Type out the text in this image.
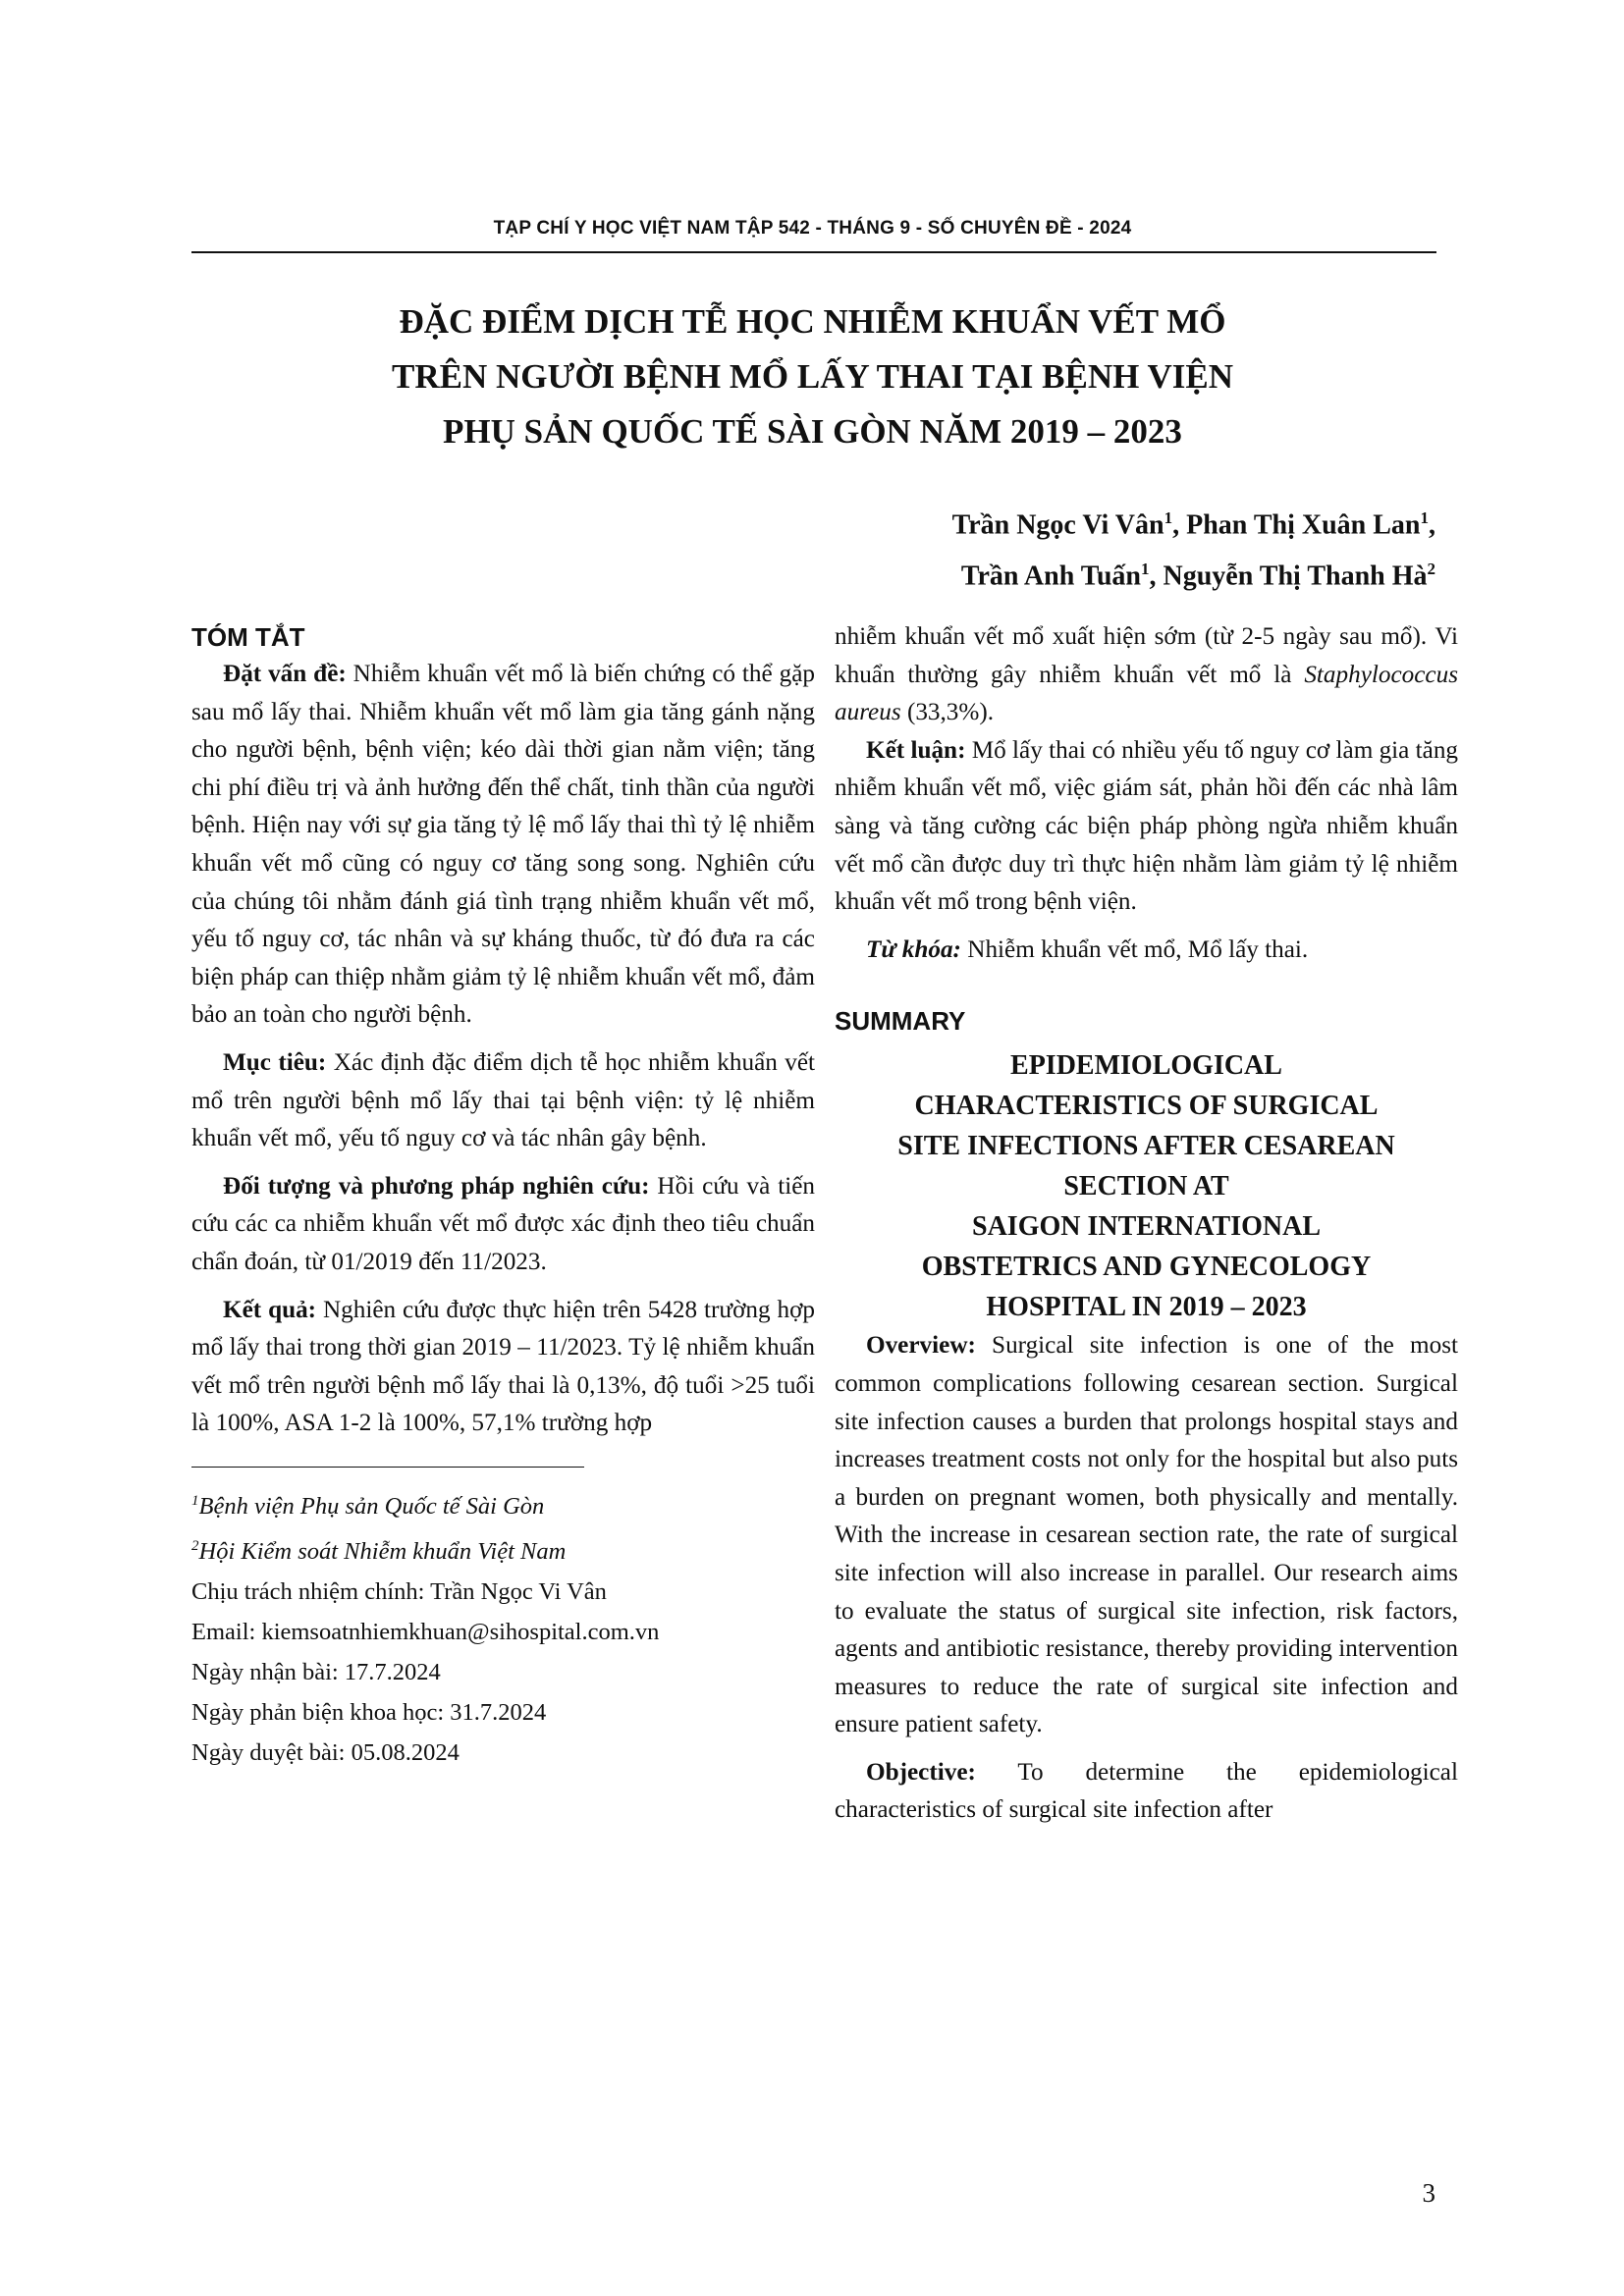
TẠP CHÍ Y HỌC VIỆT NAM TẬP 542 - THÁNG 9 - SỐ CHUYÊN ĐỀ - 2024
ĐẶC ĐIỂM DỊCH TỄ HỌC NHIỄM KHUẨN VẾT MỔ
TRÊN NGƯỜI BỆNH MỔ LẤY THAI TẠI BỆNH VIỆN
PHỤ SẢN QUỐC TẾ SÀI GÒN NĂM 2019 – 2023
Trần Ngọc Vi Vân$^1$, Phan Thị Xuân Lan$^1$,
Trần Anh Tuấn$^1$, Nguyễn Thị Thanh $Hà^2$
TÓM TẮT

Đặt vấn đề: Nhiễm khuẩn vết mổ là biến chứng có thể gặp sau mổ lấy thai. Nhiễm khuẩn vết mổ làm gia tăng gánh nặng cho người bệnh, bệnh viện; kéo dài thời gian nằm viện; tăng chi phí điều trị và ảnh hưởng đến thể chất, tinh thần của người bệnh. Hiện nay với sự gia tăng tỷ lệ mổ lấy thai thì tỷ lệ nhiễm khuẩn vết mổ cũng có nguy cơ tăng song song. Nghiên cứu của chúng tôi nhằm đánh giá tình trạng nhiễm khuẩn vết mổ, yếu tố nguy cơ, tác nhân và sự kháng thuốc, từ đó đưa ra các biện pháp can thiệp nhằm giảm tỷ lệ nhiễm khuẩn vết mổ, đảm bảo an toàn cho người bệnh.

Mục tiêu: Xác định đặc điểm dịch tễ học nhiễm khuẩn vết mổ trên người bệnh mổ lấy thai tại bệnh viện: tỷ lệ nhiễm khuẩn vết mổ, yếu tố nguy cơ và tác nhân gây bệnh.

Đối tượng và phương pháp nghiên cứu: Hồi cứu và tiến cứu các ca nhiễm khuẩn vết mổ được xác định theo tiêu chuẩn chẩn đoán, từ 01/2019 đến 11/2023.

Kết quả: Nghiên cứu được thực hiện trên 5428 trường hợp mổ lấy thai trong thời gian 2019 – 11/2023. Tỷ lệ nhiễm khuẩn vết mổ trên người bệnh mổ lấy thai là 0,13%, độ tuổi >25 tuổi là 100%, ASA 1-2 là 100%, 57,1% trường hợp

$^1$Bệnh viện Phụ sản Quốc tế Sài Gòn
$^2$Hội Kiểm soát Nhiễm khuẩn Việt Nam
Chịu trách nhiệm chính: Trần Ngọc Vi Vân
Email: kiemsoatnhiemkhuan@sihospital.com.vn
Ngày nhận bài: 17.7.2024
Ngày phản biện khoa học: 31.7.2024
Ngày duyệt bài: 05.08.2024

nhiễm khuẩn vết mổ xuất hiện sớm (từ 2-5 ngày sau mổ). Vi khuẩn thường gây nhiễm khuẩn vết mổ là Staphylococcus aureus (33,3%).

Kết luận: Mổ lấy thai có nhiều yếu tố nguy cơ làm gia tăng nhiễm khuẩn vết mổ, việc giám sát, phản hồi đến các nhà lâm sàng và tăng cường các biện pháp phòng ngừa nhiễm khuẩn vết mổ cần được duy trì thực hiện nhằm làm giảm tỷ lệ nhiễm khuẩn vết mổ trong bệnh viện.

Từ khóa: Nhiễm khuẩn vết mổ, Mổ lấy thai.

SUMMARY

EPIDEMIOLOGICAL

CHARACTERISTICS OF SURGICAL

SITE INFECTIONS AFTER CESAREAN

SECTION AT

SAIGON INTERNATIONAL

OBSTETRICS AND GYNECOLOGY

HOSPITAL IN 2019 – 2023

Overview: Surgical site infection is one of the most common complications following cesarean section. Surgical site infection causes a burden that prolongs hospital stays and increases treatment costs not only for the hospital but also puts a burden on pregnant women, both physically and mentally. With the increase in cesarean section rate, the rate of surgical site infection will also increase in parallel. Our research aims to evaluate the status of surgical site infection, risk factors, agents and antibiotic resistance, thereby providing intervention measures to reduce the rate of surgical site infection and ensure patient safety.

Objective: To determine the epidemiological characteristics of surgical site infection after

3
